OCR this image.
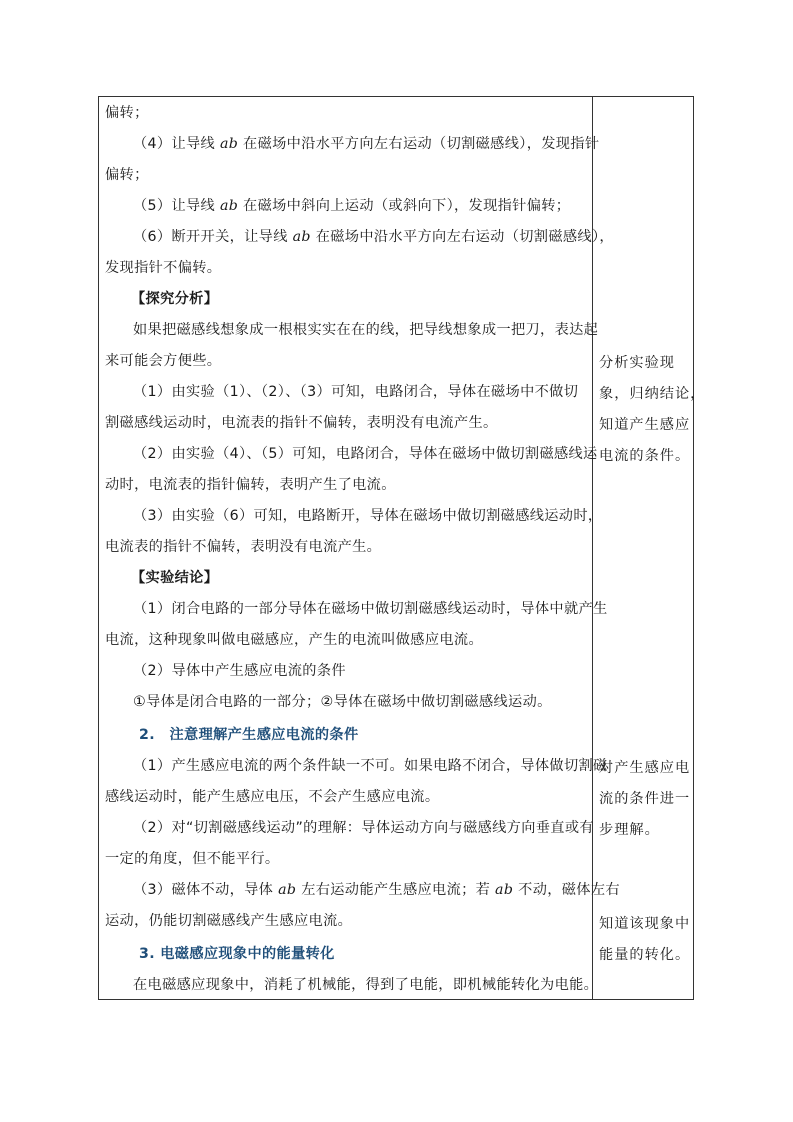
偏转；
（4）让导线 ab 在磁场中沿水平方向左右运动（切割磁感线），发现指针
偏转；
（5）让导线 ab 在磁场中斜向上运动（或斜向下），发现指针偏转；
（6）断开开关，让导线 ab 在磁场中沿水平方向左右运动（切割磁感线），
发现指针不偏转。
【探究分析】
如果把磁感线想象成一根根实实在在的线，把导线想象成一把刀，表达起
来可能会方便些。
（1）由实验（1）、（2）、（3）可知，电路闭合，导体在磁场中不做切
割磁感线运动时，电流表的指针不偏转，表明没有电流产生。
（2）由实验（4）、（5）可知，电路闭合，导体在磁场中做切割磁感线运
动时，电流表的指针偏转，表明产生了电流。
（3）由实验（6）可知，电路断开，导体在磁场中做切割磁感线运动时，
电流表的指针不偏转，表明没有电流产生。
【实验结论】
（1）闭合电路的一部分导体在磁场中做切割磁感线运动时，导体中就产生
电流，这种现象叫做电磁感应，产生的电流叫做感应电流。
（2）导体中产生感应电流的条件
①导体是闭合电路的一部分；②导体在磁场中做切割磁感线运动。
2.　注意理解产生感应电流的条件
（1）产生感应电流的两个条件缺一不可。如果电路不闭合，导体做切割磁
感线运动时，能产生感应电压，不会产生感应电流。
（2）对“切割磁感线运动”的理解：导体运动方向与磁感线方向垂直或有
一定的角度，但不能平行。
（3）磁体不动，导体 ab 左右运动能产生感应电流；若 ab 不动，磁体左右
运动，仍能切割磁感线产生感应电流。
3. 电磁感应现象中的能量转化
在电磁感应现象中，消耗了机械能，得到了电能，即机械能转化为电能。
分析实验现
象，归纳结论，
知道产生感应
电流的条件。
对产生感应电
流的条件进一
步理解。
知道该现象中
能量的转化。
